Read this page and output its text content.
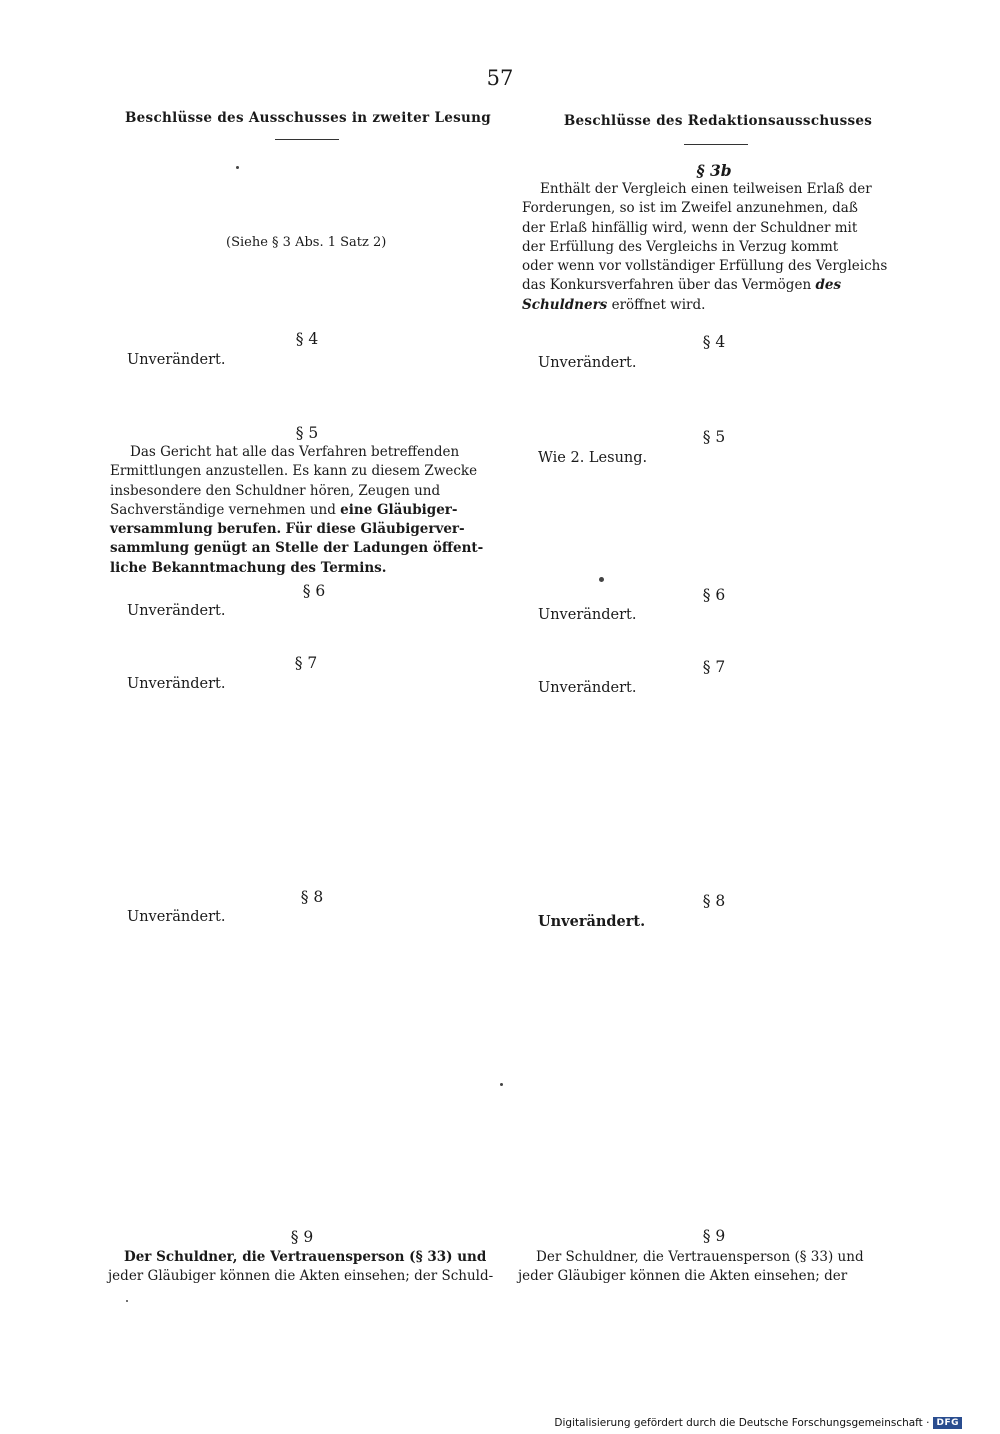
57
Beschlüsse des Ausschusses in zweiter Lesung
(Siehe § 3 Abs. 1 Satz 2)
§ 4
Unverändert.
§ 5
Das Gericht hat alle das Verfahren betreffenden
Ermittlungen anzustellen. Es kann zu diesem Zwecke
insbesondere den Schuldner hören, Zeugen und
Sachverständige vernehmen und eine Gläubiger-
versammlung berufen. Für diese Gläubigerver-
sammlung genügt an Stelle der Ladungen öffent-
liche Bekanntmachung des Termins.
§ 6
Unverändert.
§ 7
Unverändert.
§ 8
Unverändert.
§ 9
Der Schuldner, die Vertrauensperson (§ 33) und
jeder Gläubiger können die Akten einsehen; der Schuld-
Beschlüsse des Redaktionsausschusses
§ 3b
Enthält der Vergleich einen teilweisen Erlaß der
Forderungen, so ist im Zweifel anzunehmen, daß
der Erlaß hinfällig wird, wenn der Schuldner mit
der Erfüllung des Vergleichs in Verzug kommt
oder wenn vor vollständiger Erfüllung des Vergleichs
das Konkursverfahren über das Vermögen des
Schuldners eröffnet wird.
§ 4
Unverändert.
§ 5
Wie 2. Lesung.
§ 6
Unverändert.
§ 7
Unverändert.
§ 8
Unverändert.
§ 9
Der Schuldner, die Vertrauensperson (§ 33) und
jeder Gläubiger können die Akten einsehen; der
Digitalisierung gefördert durch die Deutsche Forschungsgemeinschaft · DFG
